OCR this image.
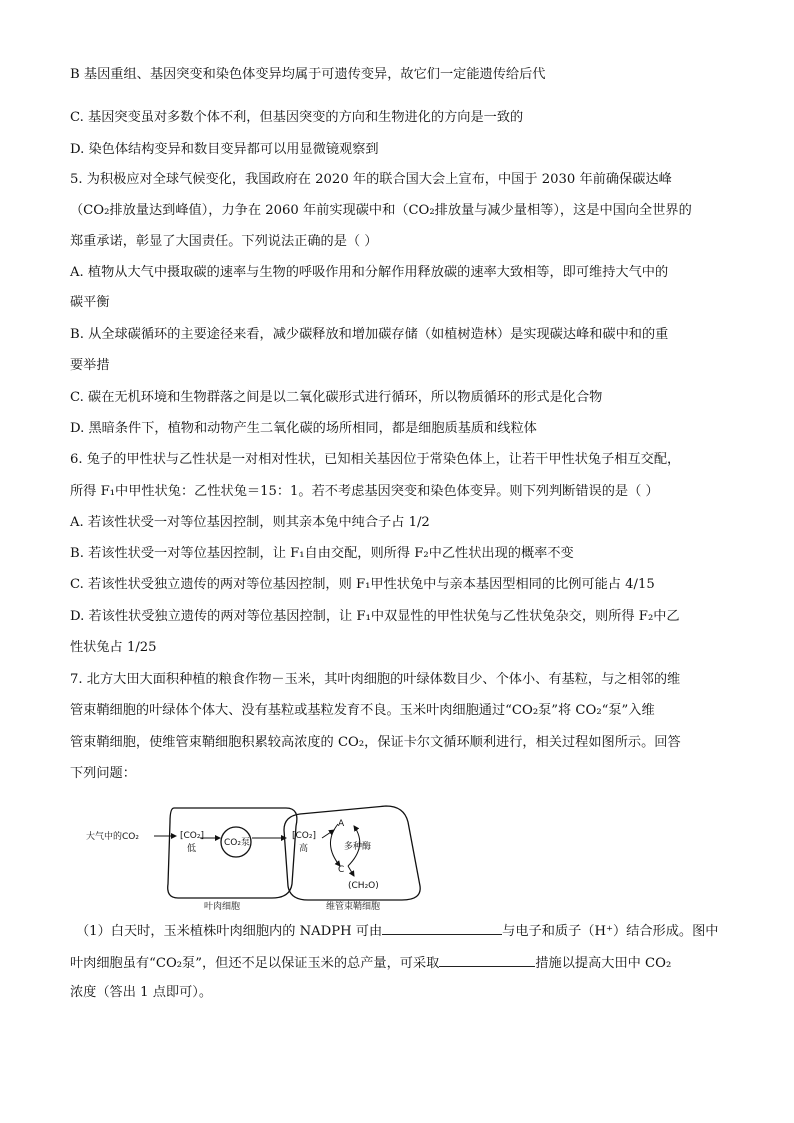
B 基因重组、基因突变和染色体变异均属于可遗传变异，故它们一定能遗传给后代
C. 基因突变虽对多数个体不利，但基因突变的方向和生物进化的方向是一致的
D. 染色体结构变异和数目变异都可以用显微镜观察到
5. 为积极应对全球气候变化，我国政府在 2020 年的联合国大会上宣布，中国于 2030 年前确保碳达峰
（CO₂排放量达到峰值），力争在 2060 年前实现碳中和（CO₂排放量与减少量相等），这是中国向全世界的
郑重承诺，彰显了大国责任。下列说法正确的是（ ）
A. 植物从大气中摄取碳的速率与生物的呼吸作用和分解作用释放碳的速率大致相等，即可维持大气中的
碳平衡
B. 从全球碳循环的主要途径来看，减少碳释放和增加碳存储（如植树造林）是实现碳达峰和碳中和的重
要举措
C. 碳在无机环境和生物群落之间是以二氧化碳形式进行循环，所以物质循环的形式是化合物
D. 黑暗条件下，植物和动物产生二氧化碳的场所相同，都是细胞质基质和线粒体
6. 兔子的甲性状与乙性状是一对相对性状，已知相关基因位于常染色体上，让若干甲性状兔子相互交配，
所得 F₁中甲性状兔：乙性状兔＝15：1。若不考虑基因突变和染色体变异。则下列判断错误的是（ ）
A. 若该性状受一对等位基因控制，则其亲本兔中纯合子占 1/2
B. 若该性状受一对等位基因控制，让 F₁自由交配，则所得 F₂中乙性状出现的概率不变
C. 若该性状受独立遗传的两对等位基因控制，则 F₁甲性状兔中与亲本基因型相同的比例可能占 4/15
D. 若该性状受独立遗传的两对等位基因控制，让 F₁中双显性的甲性状兔与乙性状兔杂交，则所得 F₂中乙
性状兔占 1/25
7. 北方大田大面积种植的粮食作物－玉米，其叶肉细胞的叶绿体数目少、个体小、有基粒，与之相邻的维
管束鞘细胞的叶绿体个体大、没有基粒或基粒发育不良。玉米叶肉细胞通过“CO₂泵”将 CO₂“泵”入维
管束鞘细胞，使维管束鞘细胞积累较高浓度的 CO₂，保证卡尔文循环顺利进行，相关过程如图所示。回答
下列问题：
大气中的CO₂	[CO₂]
低
CO₂泵
[CO₂]
高
A
多种酶
C
(CH₂O)
叶肉细胞	维管束鞘细胞
（1）白天时，玉米植株叶肉细胞内的 NADPH 可由	与电子和质子（H⁺）结合形成。图中
叶肉细胞虽有“CO₂泵”，但还不足以保证玉米的总产量，可采取	措施以提高大田中 CO₂
浓度（答出 1 点即可）。
